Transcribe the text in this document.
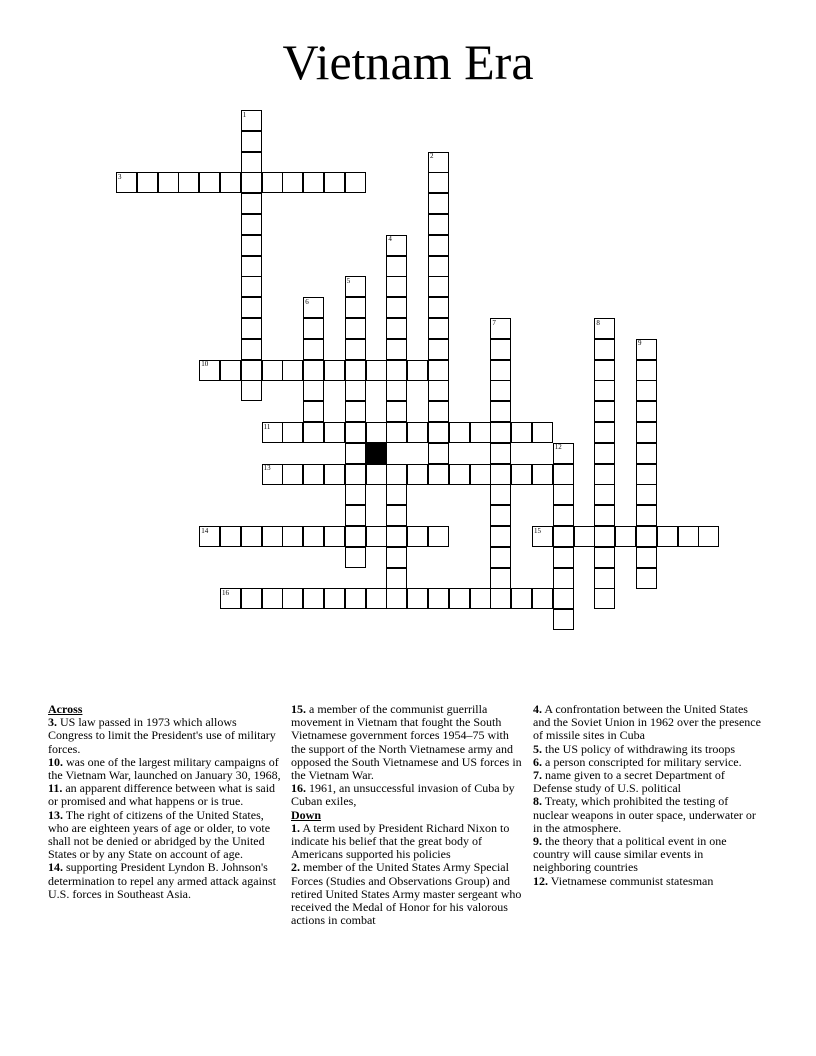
Vietnam Era
1
2
3
4
5
6
7	8
9
10
11
12
13
14	15
16

Across

3. US law passed in 1973 which allows Congress to limit the President's use of military forces.

10. was one of the largest military campaigns of the Vietnam War, launched on January 30, 1968,

11. an apparent difference between what is said or promised and what happens or is true.

13. The right of citizens of the United States, who are eighteen years of age or older, to vote shall not be denied or abridged by the United States or by any State on account of age.

14. supporting President Lyndon B. Johnson's determination to repel any armed attack against U.S. forces in Southeast Asia.

15. a member of the communist guerrilla movement in Vietnam that fought the South Vietnamese government forces 1954–75 with the support of the North Vietnamese army and opposed the South Vietnamese and US forces in the Vietnam War.

16. 1961, an unsuccessful invasion of Cuba by Cuban exiles,

Down

1. A term used by President Richard Nixon to indicate his belief that the great body of Americans supported his policies

2. member of the United States Army Special Forces (Studies and Observations Group) and retired United States Army master sergeant who received the Medal of Honor for his valorous actions in combat

4. A confrontation between the United States and the Soviet Union in 1962 over the presence of missile sites in Cuba

5. the US policy of withdrawing its troops

6. a person conscripted for military service.

7. name given to a secret Department of Defense study of U.S. political

8. Treaty, which prohibited the testing of nuclear weapons in outer space, underwater or in the atmosphere.

9. the theory that a political event in one country will cause similar events in neighboring countries

12. Vietnamese communist statesman
